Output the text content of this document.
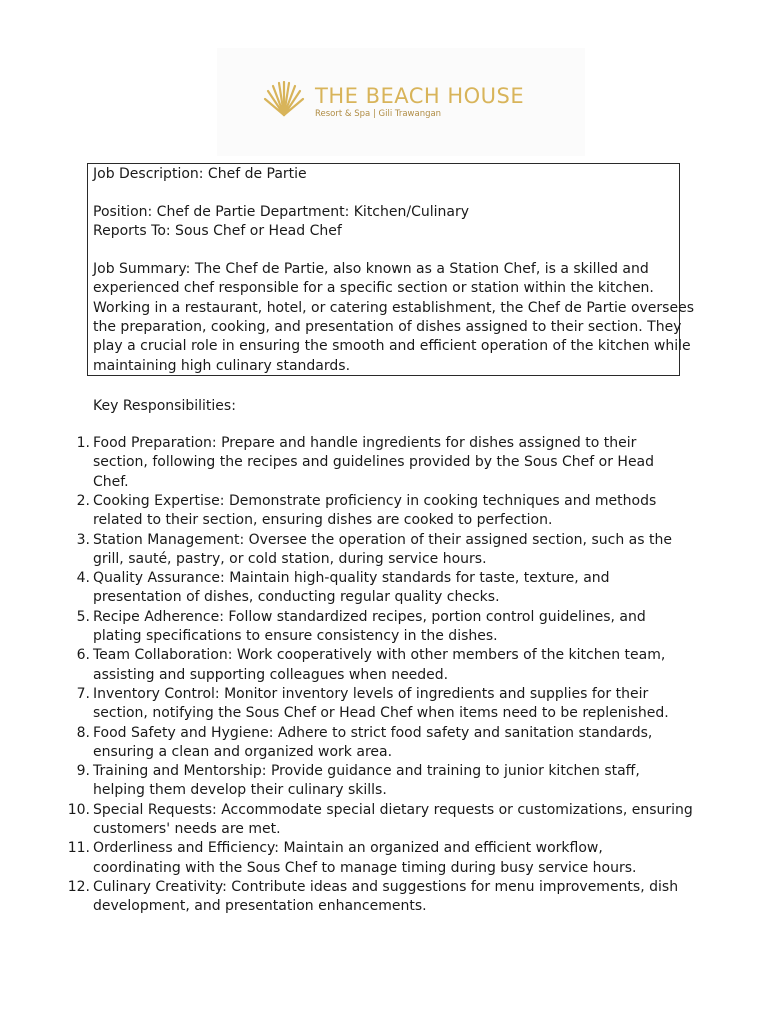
THE BEACH HOUSE
Resort & Spa | Gili Trawangan
Job Description: Chef de Partie
Position: Chef de Partie Department: Kitchen/Culinary
Reports To: Sous Chef or Head Chef
Job Summary: The Chef de Partie, also known as a Station Chef, is a skilled and
experienced chef responsible for a specific section or station within the kitchen.
Working in a restaurant, hotel, or catering establishment, the Chef de Partie oversees
the preparation, cooking, and presentation of dishes assigned to their section. They
play a crucial role in ensuring the smooth and efficient operation of the kitchen while
maintaining high culinary standards.
Key Responsibilities:
1. Food Preparation: Prepare and handle ingredients for dishes assigned to their
section, following the recipes and guidelines provided by the Sous Chef or Head
Chef.
2. Cooking Expertise: Demonstrate proficiency in cooking techniques and methods
related to their section, ensuring dishes are cooked to perfection.
3. Station Management: Oversee the operation of their assigned section, such as the
grill, sauté, pastry, or cold station, during service hours.
4. Quality Assurance: Maintain high-quality standards for taste, texture, and
presentation of dishes, conducting regular quality checks.
5. Recipe Adherence: Follow standardized recipes, portion control guidelines, and
plating specifications to ensure consistency in the dishes.
6. Team Collaboration: Work cooperatively with other members of the kitchen team,
assisting and supporting colleagues when needed.
7. Inventory Control: Monitor inventory levels of ingredients and supplies for their
section, notifying the Sous Chef or Head Chef when items need to be replenished.
8. Food Safety and Hygiene: Adhere to strict food safety and sanitation standards,
ensuring a clean and organized work area.
9. Training and Mentorship: Provide guidance and training to junior kitchen staff,
helping them develop their culinary skills.
10. Special Requests: Accommodate special dietary requests or customizations, ensuring
customers' needs are met.
11. Orderliness and Efficiency: Maintain an organized and efficient workflow,
coordinating with the Sous Chef to manage timing during busy service hours.
12. Culinary Creativity: Contribute ideas and suggestions for menu improvements, dish
development, and presentation enhancements.
